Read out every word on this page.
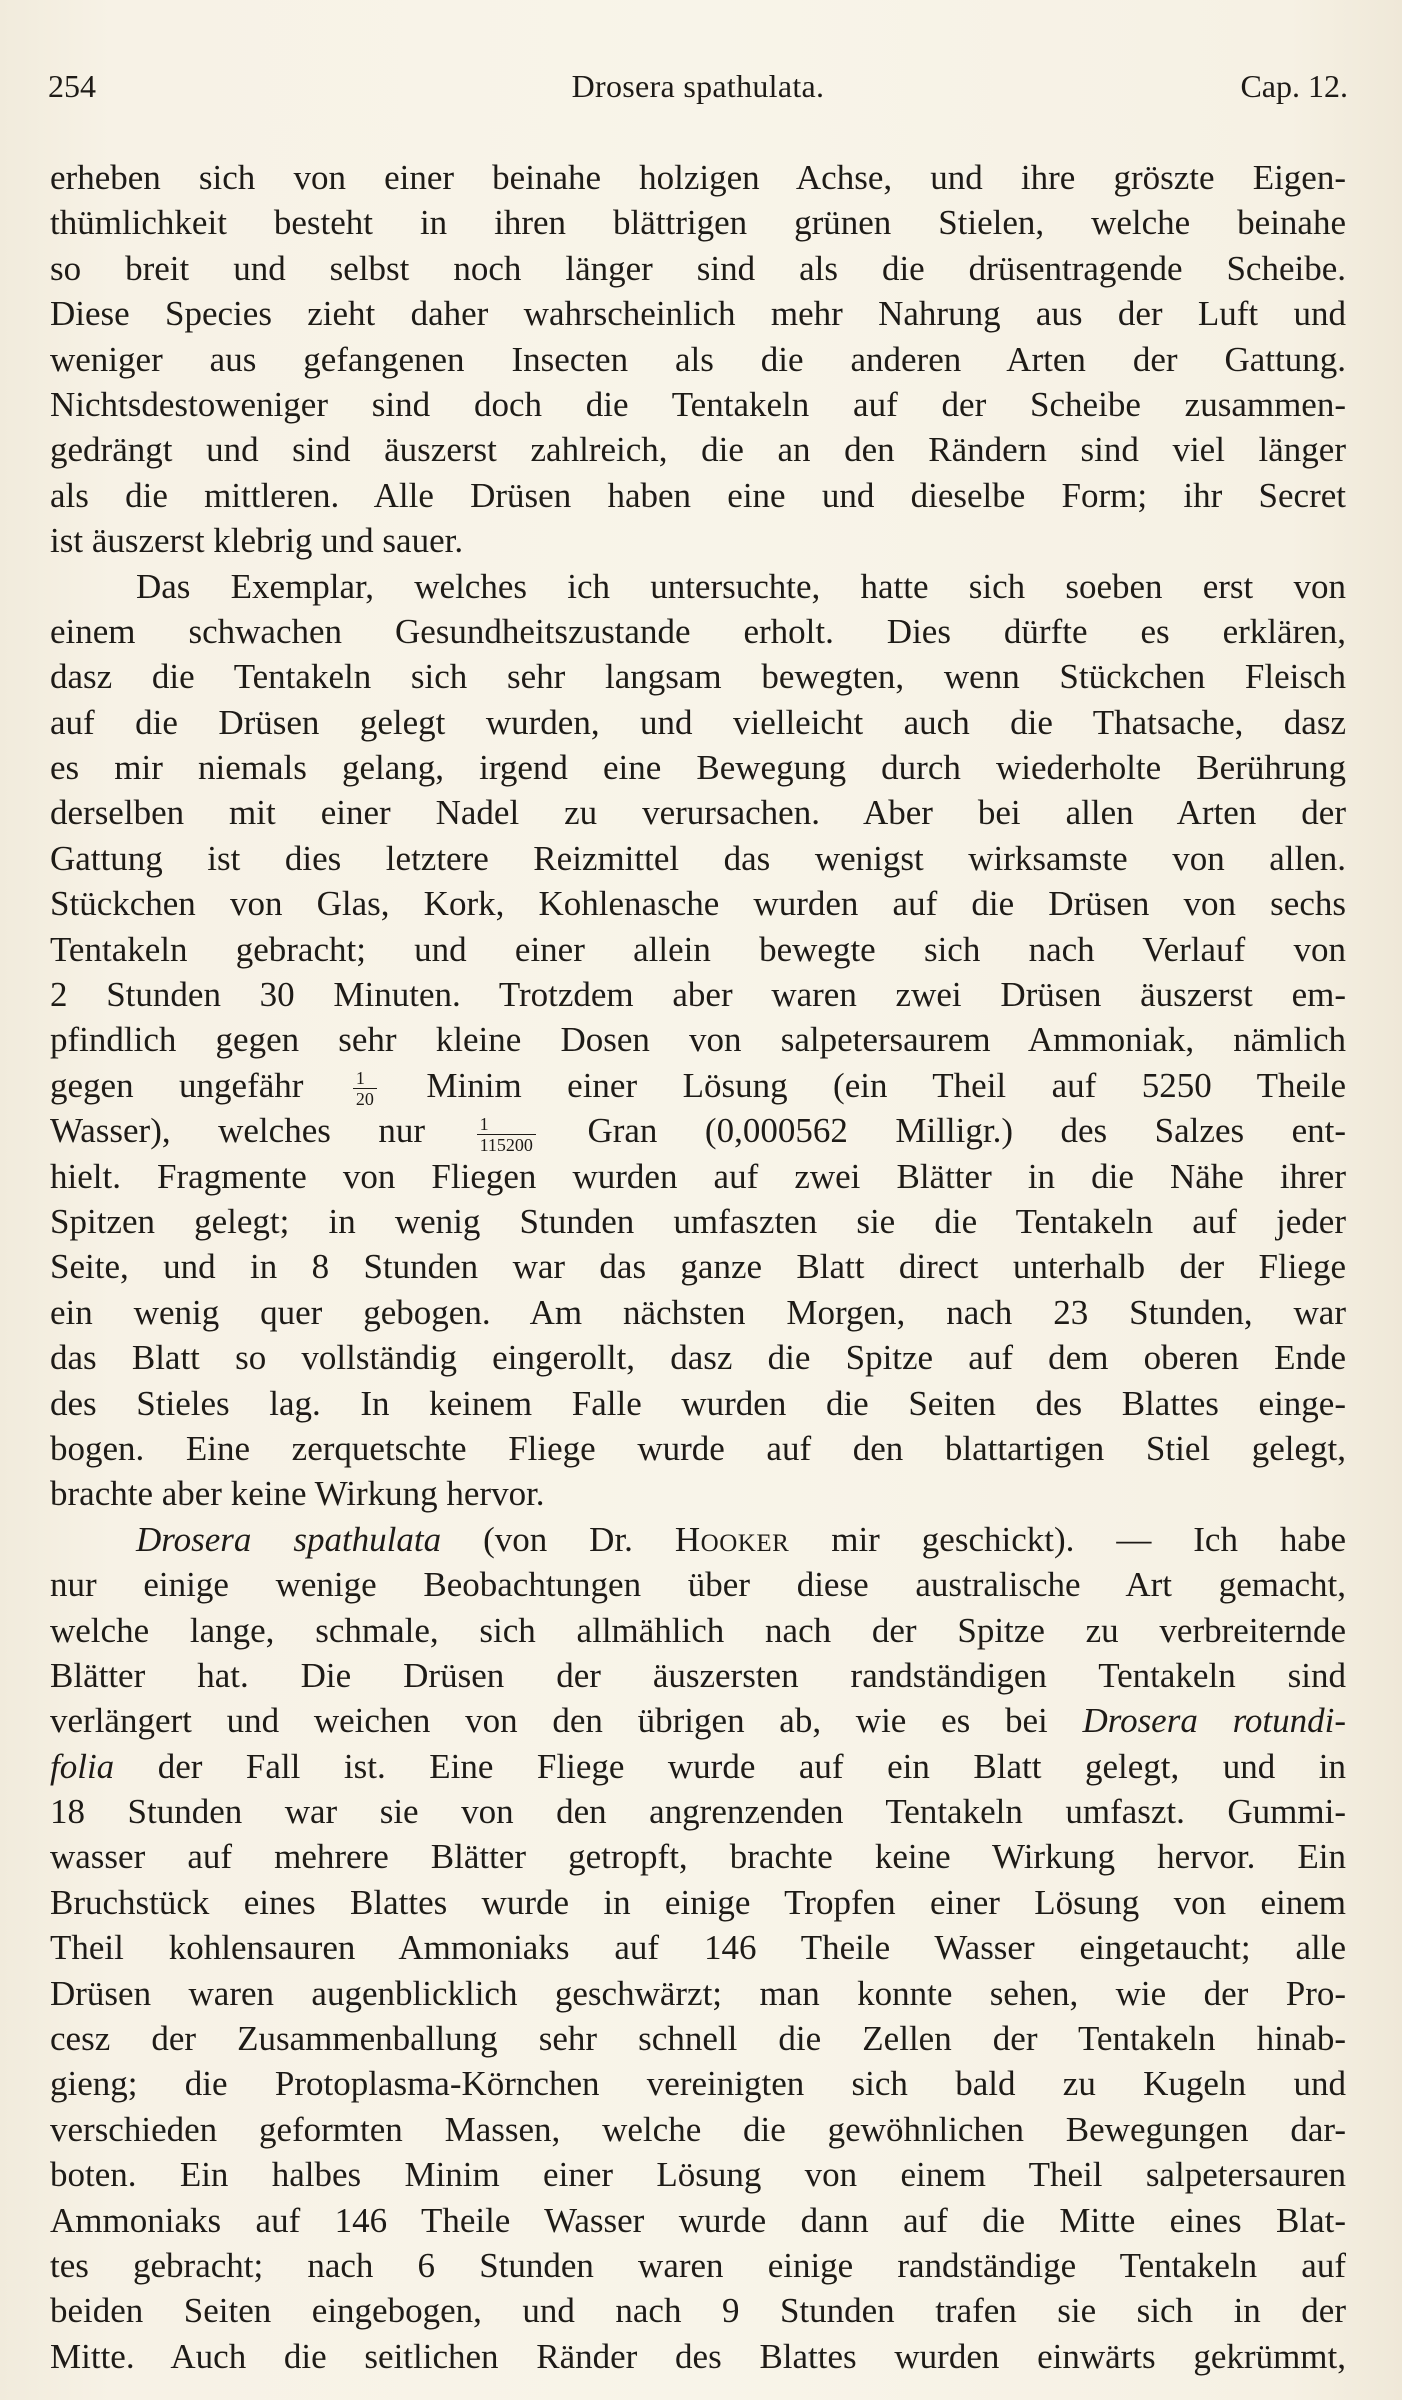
254	Drosera spathulata.	Cap. 12.
erheben sich von einer beinahe holzigen Achse, und ihre gröszte Eigen-
thümlichkeit besteht in ihren blättrigen grünen Stielen, welche beinahe
so breit und selbst noch länger sind als die drüsentragende Scheibe.
Diese Species zieht daher wahrscheinlich mehr Nahrung aus der Luft und
weniger aus gefangenen Insecten als die anderen Arten der Gattung.
Nichtsdestoweniger sind doch die Tentakeln auf der Scheibe zusammen-
gedrängt und sind äuszerst zahlreich, die an den Rändern sind viel länger
als die mittleren. Alle Drüsen haben eine und dieselbe Form; ihr Secret
ist äuszerst klebrig und sauer.
Das Exemplar, welches ich untersuchte, hatte sich soeben erst von
einem schwachen Gesundheitszustande erholt. Dies dürfte es erklären,
dasz die Tentakeln sich sehr langsam bewegten, wenn Stückchen Fleisch
auf die Drüsen gelegt wurden, und vielleicht auch die Thatsache, dasz
es mir niemals gelang, irgend eine Bewegung durch wiederholte Berührung
derselben mit einer Nadel zu verursachen. Aber bei allen Arten der
Gattung ist dies letztere Reizmittel das wenigst wirksamste von allen.
Stückchen von Glas, Kork, Kohlenasche wurden auf die Drüsen von sechs
Tentakeln gebracht; und einer allein bewegte sich nach Verlauf von
2 Stunden 30 Minuten. Trotzdem aber waren zwei Drüsen äuszerst em-
pfindlich gegen sehr kleine Dosen von salpetersaurem Ammoniak, nämlich
gegen ungefähr	$\frac{1}{20}$ Minim einer Lösung (ein Theil auf 5250 Theile
Wasser), welches nur	$\frac{1}{115200}$ Gran (0,000562 Milligr.) des Salzes ent-
hielt. Fragmente von Fliegen wurden auf zwei Blätter in die Nähe ihrer
Spitzen gelegt; in wenig Stunden umfaszten sie die Tentakeln auf jeder
Seite, und in 8 Stunden war das ganze Blatt direct unterhalb der Fliege
ein wenig quer gebogen. Am nächsten Morgen, nach 23 Stunden, war
das Blatt so vollständig eingerollt, dasz die Spitze auf dem oberen Ende
des Stieles lag. In keinem Falle wurden die Seiten des Blattes einge-
bogen. Eine zerquetschte Fliege wurde auf den blattartigen Stiel gelegt,
brachte aber keine Wirkung hervor.
Drosera spathulata (von Dr. Hooker mir geschickt). — Ich habe
nur einige wenige Beobachtungen über diese australische Art gemacht,
welche lange, schmale, sich allmählich nach der Spitze zu verbreiternde
Blätter hat. Die Drüsen der äuszersten randständigen Tentakeln sind
verlängert und weichen von den übrigen ab, wie es bei Drosera rotundi-
folia der Fall ist. Eine Fliege wurde auf ein Blatt gelegt, und in
18 Stunden war sie von den angrenzenden Tentakeln umfaszt. Gummi-
wasser auf mehrere Blätter getropft, brachte keine Wirkung hervor. Ein
Bruchstück eines Blattes wurde in einige Tropfen einer Lösung von einem
Theil kohlensauren Ammoniaks auf 146 Theile Wasser eingetaucht; alle
Drüsen waren augenblicklich geschwärzt; man konnte sehen, wie der Pro-
cesz der Zusammenballung sehr schnell die Zellen der Tentakeln hinab-
gieng; die Protoplasma-Körnchen vereinigten sich bald zu Kugeln und
verschieden geformten Massen, welche die gewöhnlichen Bewegungen dar-
boten. Ein halbes Minim einer Lösung von einem Theil salpetersauren
Ammoniaks auf 146 Theile Wasser wurde dann auf die Mitte eines Blat-
tes gebracht; nach 6 Stunden waren einige randständige Tentakeln auf
beiden Seiten eingebogen, und nach 9 Stunden trafen sie sich in der
Mitte. Auch die seitlichen Ränder des Blattes wurden einwärts gekrümmt,
